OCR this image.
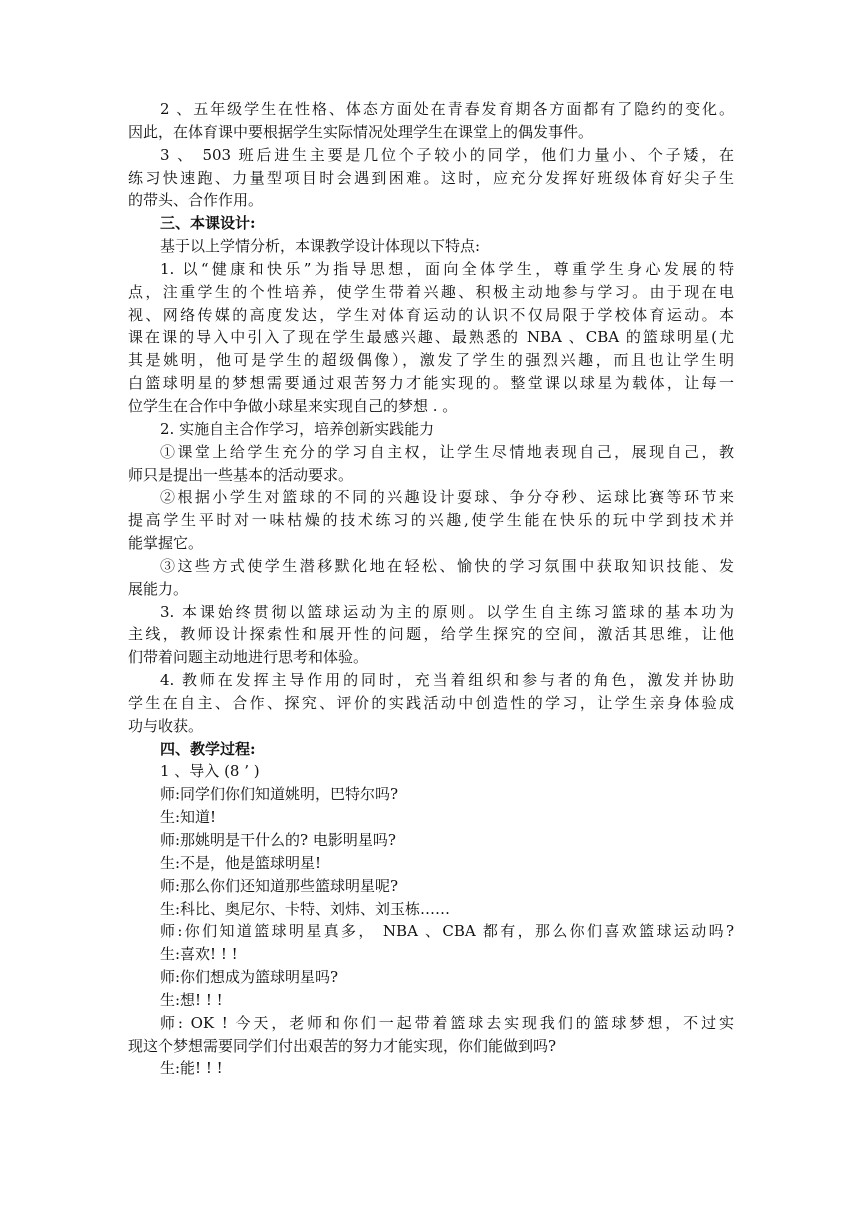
2 、五年级学生在性格、体态方面处在青春发育期各方面都有了隐约的变化。
因此，在体育课中要根据学生实际情况处理学生在课堂上的偶发事件。
3 、 503 班后进生主要是几位个子较小的同学，他们力量小、个子矮，在
练习快速跑、力量型项目时会遇到困难。这时，应充分发挥好班级体育好尖子生
的带头、合作作用。
三、本课设计:
基于以上学情分析，本课教学设计体现以下特点:
1. 以“健康和快乐”为指导思想，面向全体学生，尊重学生身心发展的特
点，注重学生的个性培养，使学生带着兴趣、积极主动地参与学习。由于现在电
视、网络传媒的高度发达，学生对体育运动的认识不仅局限于学校体育运动。本
课在课的导入中引入了现在学生最感兴趣、最熟悉的 NBA 、CBA 的篮球明星(尤
其是姚明，他可是学生的超级偶像），激发了学生的强烈兴趣，而且也让学生明
白篮球明星的梦想需要通过艰苦努力才能实现的。整堂课以球星为载体，让每一
位学生在合作中争做小球星来实现自己的梦想 . 。
2. 实施自主合作学习，培养创新实践能力
①课堂上给学生充分的学习自主权，让学生尽情地表现自己，展现自己，教
师只是提出一些基本的活动要求。
②根据小学生对篮球的不同的兴趣设计耍球、争分夺秒、运球比赛等环节来
提高学生平时对一味枯燥的技术练习的兴趣,使学生能在快乐的玩中学到技术并
能掌握它。
③这些方式使学生潜移默化地在轻松、愉快的学习氛围中获取知识技能、发
展能力。
3. 本课始终贯彻以篮球运动为主的原则。以学生自主练习篮球的基本功为
主线，教师设计探索性和展开性的问题，给学生探究的空间，激活其思维，让他
们带着问题主动地进行思考和体验。
4. 教师在发挥主导作用的同时，充当着组织和参与者的角色，激发并协助
学生在自主、合作、探究、评价的实践活动中创造性的学习，让学生亲身体验成
功与收获。
四、教学过程:
1 、导入 (8 ’ )
师:同学们你们知道姚明，巴特尔吗?
生:知道!
师:那姚明是干什么的? 电影明星吗?
生:不是，他是篮球明星!
师:那么你们还知道那些篮球明星呢?
生:科比、奥尼尔、卡特、刘炜、刘玉栋……
师:你们知道篮球明星真多， NBA 、CBA 都有，那么你们喜欢篮球运动吗?
生:喜欢! ! !
师:你们想成为篮球明星吗?
生:想! ! !
师: OK ! 今天，老师和你们一起带着篮球去实现我们的篮球梦想，不过实
现这个梦想需要同学们付出艰苦的努力才能实现，你们能做到吗?
生:能! ! !
